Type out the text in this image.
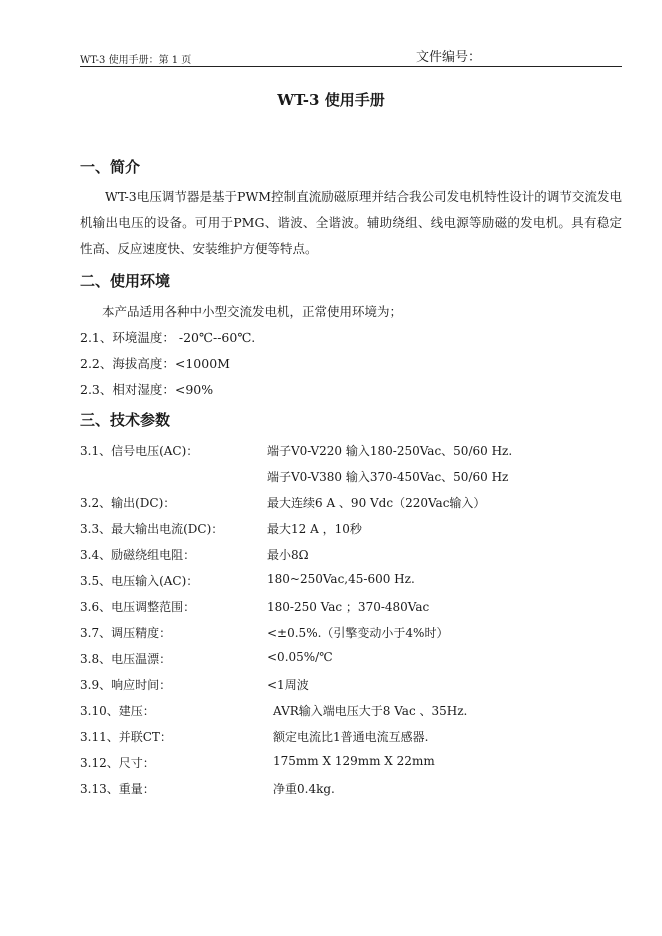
WT-3 使用手册：第 1 页	文件编号：
WT-3 使用手册
一、简介
WT-3电压调节器是基于PWM控制直流励磁原理并结合我公司发电机特性设计的调节交流发电机输出电压的设备。可用于PMG、谐波、全谐波。辅助绕组、线电源等励磁的发电机。具有稳定性高、反应速度快、安装维护方便等特点。
二、使用环境
本产品适用各种中小型交流发电机，正常使用环境为；
2.1、环境温度： -20℃--60℃.
2.2、海拔高度：<1000M
2.3、相对湿度：<90%
三、技术参数
3.1、信号电压(AC)：	端子V0-V220 输入180-250Vac、50/60 Hz.
端子V0-V380 输入370-450Vac、50/60 Hz
3.2、输出(DC)：	最大连续6 A 、90 Vdc（220Vac输入）
3.3、最大输出电流(DC)：	最大12 A ，10秒
3.4、励磁绕组电阻：	最小8Ω
3.5、电压输入(AC)：	180~250Vac,45-600 Hz.
3.6、电压调整范围：	180-250 Vac ；370-480Vac
3.7、调压精度：	<±0.5%.（引擎变动小于4%时）
3.8、电压温漂：	<0.05%/℃
3.9、响应时间：	<1周波
3.10、建压：	AVR输入端电压大于8 Vac 、35Hz.
3.11、并联CT：	额定电流比1普通电流互感器.
3.12、尺寸：	175mm X 129mm X 22mm
3.13、重量：	净重0.4kg.
